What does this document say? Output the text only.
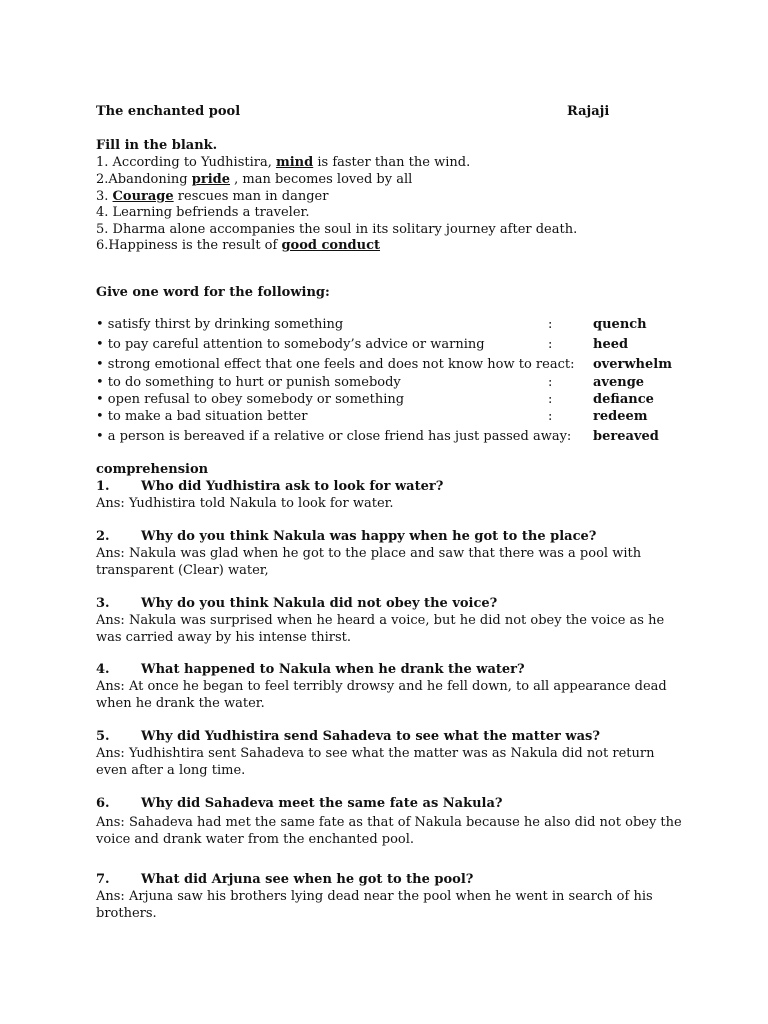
The enchanted pool	Rajaji
Fill in the blank.
1. According to Yudhistira, mind is faster than the wind.
2.Abandoning pride , man becomes loved by all
3. Courage rescues man in danger
4. Learning befriends a traveler.
5. Dharma alone accompanies the soul in its solitary journey after death.
6.Happiness is the result of good conduct
Give one word for the following:
• satisfy thirst by drinking something	:	quench
• to pay careful attention to somebody’s advice or warning	:	heed
• strong emotional effect that one feels and does not know how to react: overwhelm
• to do something to hurt or punish somebody	:	avenge
• open refusal to obey somebody or something	:	defiance
• to make a bad situation better	:	redeem
• a person is bereaved if a relative or close friend has just passed away: bereaved
comprehension
1. Who did Yudhistira ask to look for water?
Ans: Yudhistira told Nakula to look for water.
2. Why do you think Nakula was happy when he got to the place?
Ans: Nakula was glad when he got to the place and saw that there was a pool with transparent (Clear) water,
3. Why do you think Nakula did not obey the voice?
Ans: Nakula was surprised when he heard a voice, but he did not obey the voice as he was carried away by his intense thirst.
4. What happened to Nakula when he drank the water?
Ans: At once he began to feel terribly drowsy and he fell down, to all appearance dead when he drank the water.
5. Why did Yudhistira send Sahadeva to see what the matter was?
Ans: Yudhishtira sent Sahadeva to see what the matter was as Nakula did not return even after a long time.
6. Why did Sahadeva meet the same fate as Nakula?
Ans: Sahadeva had met the same fate as that of Nakula because he also did not obey the voice and drank water from the enchanted pool.
7. What did Arjuna see when he got to the pool?
Ans: Arjuna saw his brothers lying dead near the pool when he went in search of his brothers.
